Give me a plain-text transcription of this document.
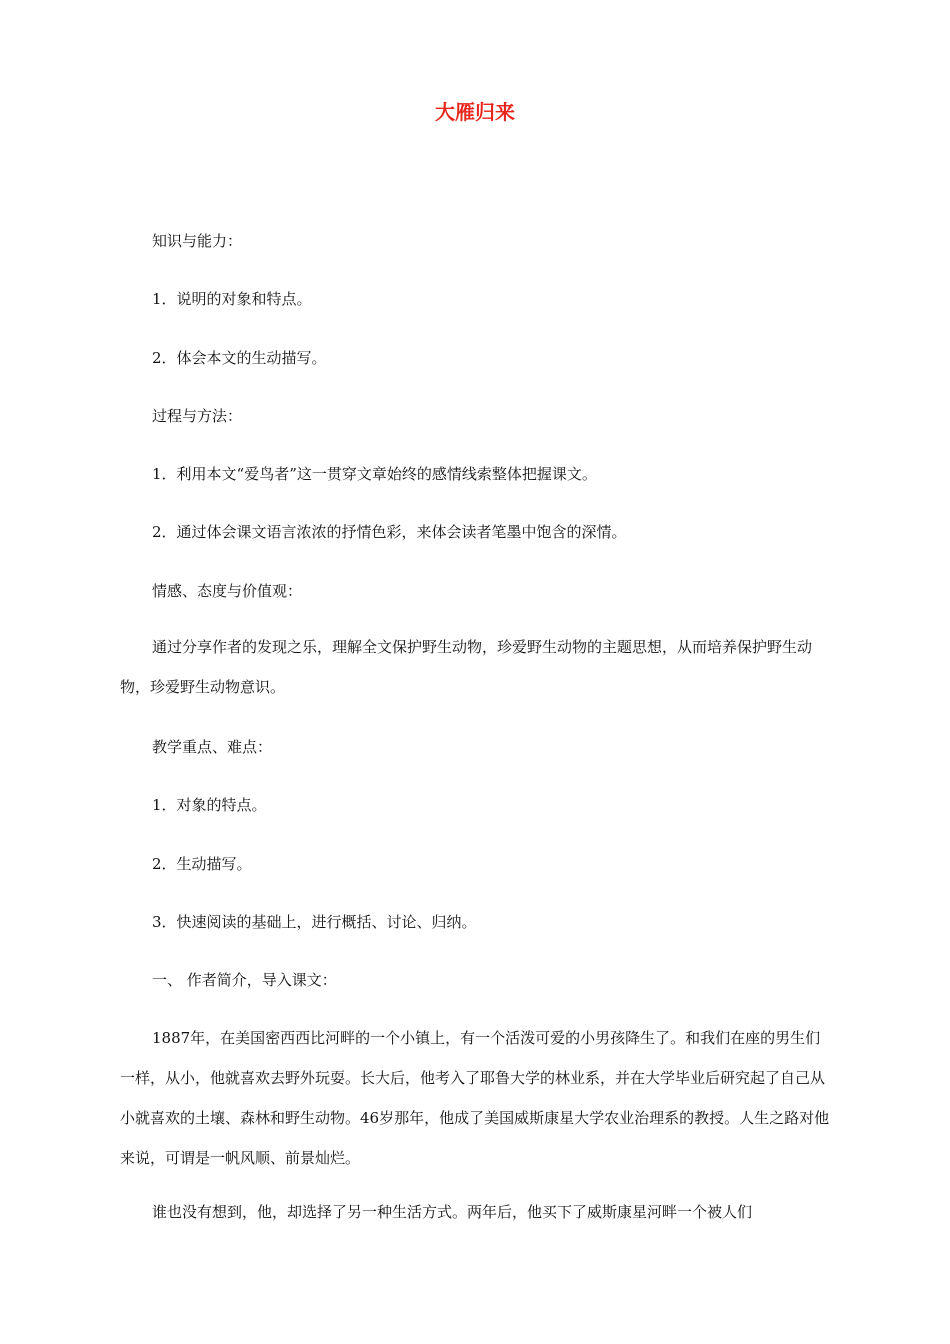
大雁归来
知识与能力：
1．说明的对象和特点。
2．体会本文的生动描写。
过程与方法：
1．利用本文“爱鸟者”这一贯穿文章始终的感情线索整体把握课文。
2．通过体会课文语言浓浓的抒情色彩，来体会读者笔墨中饱含的深情。
情感、态度与价值观：
通过分享作者的发现之乐，理解全文保护野生动物，珍爱野生动物的主题思想，从而培养保护野生动物，珍爱野生动物意识。
教学重点、难点：
1．对象的特点。
2．生动描写。
3．快速阅读的基础上，进行概括、讨论、归纳。
一、 作者简介，导入课文：
1887年，在美国密西西比河畔的一个小镇上，有一个活泼可爱的小男孩降生了。和我们在座的男生们一样，从小，他就喜欢去野外玩耍。长大后，他考入了耶鲁大学的林业系，并在大学毕业后研究起了自己从小就喜欢的土壤、森林和野生动物。46岁那年，他成了美国威斯康星大学农业治理系的教授。人生之路对他来说，可谓是一帆风顺、前景灿烂。
谁也没有想到，他，却选择了另一种生活方式。两年后，他买下了威斯康星河畔一个被人们
